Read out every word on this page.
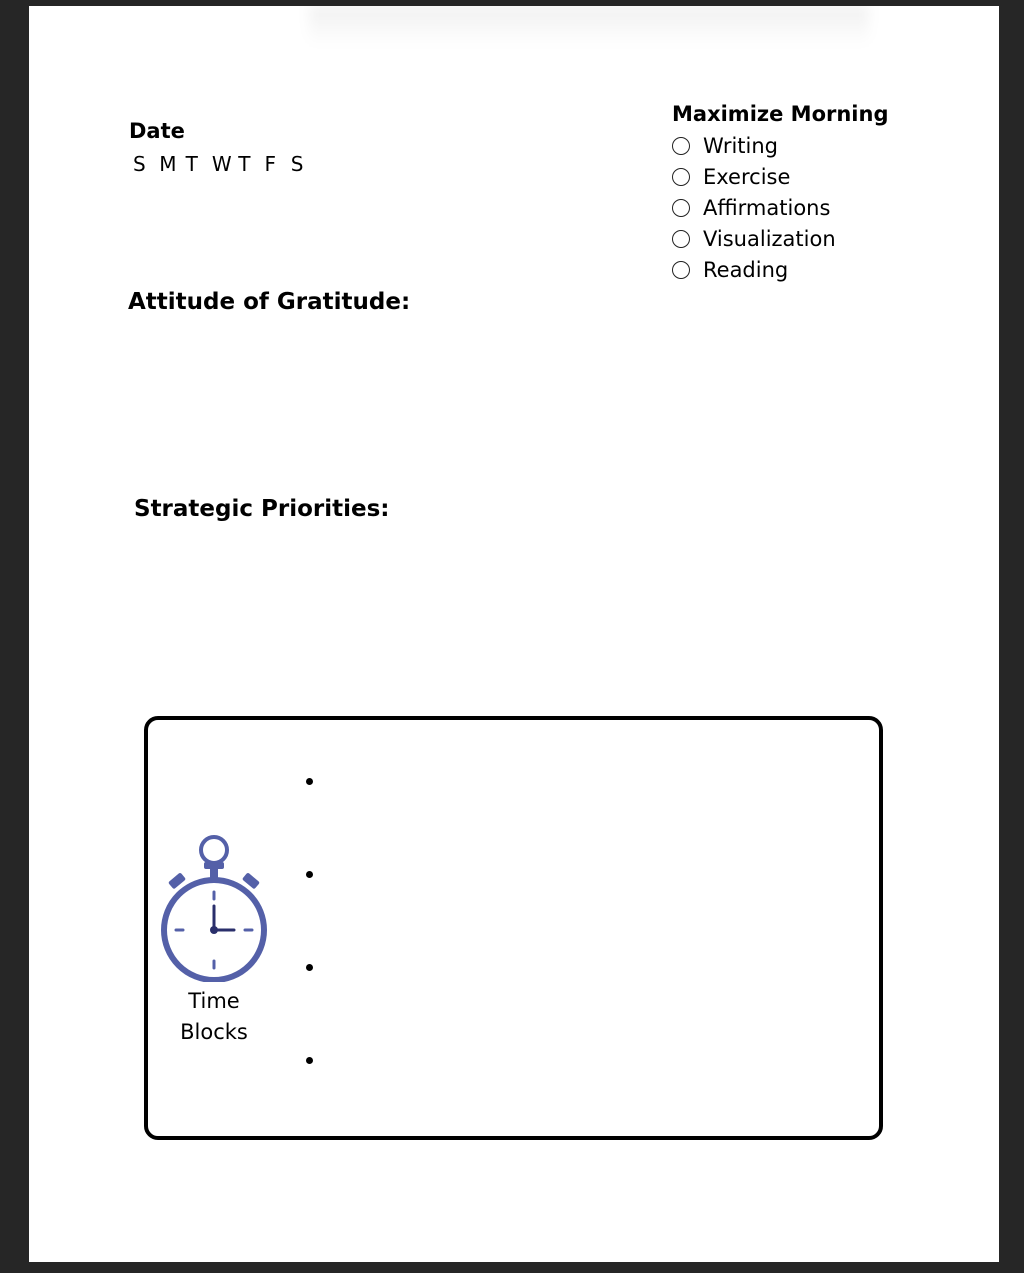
Date
S M T W T F S
Maximize Morning
Writing
Exercise
Affirmations
Visualization
Reading
Attitude of Gratitude:
Strategic Priorities:
Time
Blocks
